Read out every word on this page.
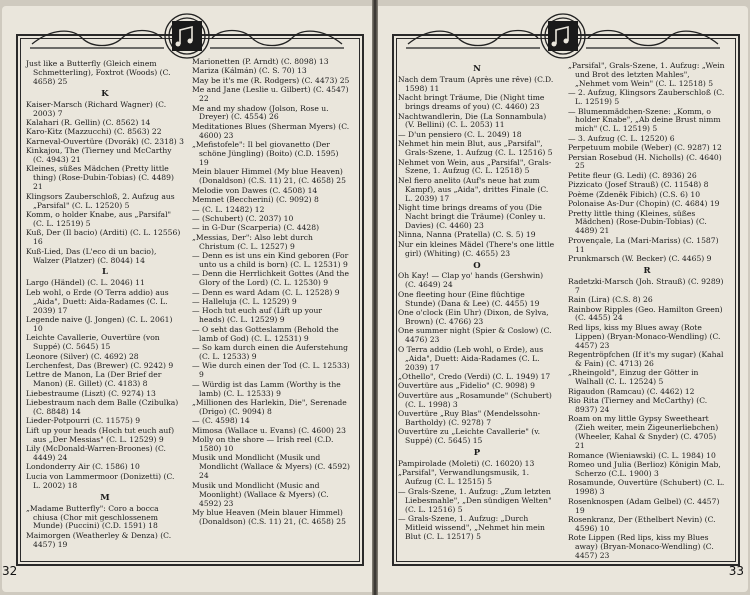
Just like a Butterfly (Gleich einem Schmetterling), Foxtrot (Woods) (C. 4658) 25
K
Kaiser-Marsch (Richard Wagner) (C. 2003) 7
Kalahari (R. Gellin) (C. 8562) 14
Karo-Kitz (Mazzucchi) (C. 8563) 22
Karneval-Ouvertüre (Dvorák) (C. 2318) 3
Kinkajou, The (Tierney und McCarthy (C. 4943) 21
Kleines, süßes Mädchen (Pretty little thing) (Rose-Dubin-Tobias) (C. 4489) 21
Klingsors Zauberschloß, 2. Aufzug aus „Parsifal" (C. L. 12520) 5
Komm, o holder Knabe, aus „Parsifal" (C. L. 12519) 5
Kuß, Der (Il bacio) (Arditi) (C. L. 12556) 16
Kuß-Lied, Das (L'eco di un bacio), Walzer (Platzer) (C. 8044) 14
L
Largo (Händel) (C. L. 2046) 11
Leb wohl, o Erde (O Terra addio) aus „Aida", Duett: Aida-Radames (C. L. 2039) 17
Legende naive (J. Jongen) (C. L. 2061) 10
Leichte Cavallerie, Ouvertüre (von Suppé) (C. 5645) 15
Leonore (Silver) (C. 4692) 28
Lerchenfest, Das (Brewer) (C. 9242) 9
Lettre de Manon, La (Der Brief der Manon) (E. Gillet) (C. 4183) 8
Liebestraume (Liszt) (C. 9274) 13
Liebestraum nach dem Balle (Czibulka) (C. 8848) 14
Lieder-Potpourri (C. 11575) 9
Lift up your heads (Hoch tut euch auf) aus „Der Messias" (C. L. 12529) 9
Lily (McDonald-Warren-Broones) (C. 4449) 24
Londonderry Air (C. 1586) 10
Lucia von Lammermoor (Donizetti) (C. L. 2002) 18
M
„Madame Butterfly": Coro a bocca chiusa (Chor mit geschlossenem Munde) (Puccini) (C.D. 1591) 18
Maimorgen (Weatherley & Denza) (C. 4457) 19
Marionetten (P. Arndt) (C. 8098) 13
Mariza (Kálmán) (C. S. 70) 13
May be it's me (R. Rodgers) (C. 4473) 25
Me and Jane (Leslie u. Gilbert) (C. 4547) 22
Me and my shadow (Jolson, Rose u. Dreyer) (C. 4554) 26
Meditationes Blues (Sherman Myers) (C. 4600) 23
„Mefistofele": Il bel giovanetto (Der schöne Jüngling) (Boito) (C.D. 1595) 19
Mein blauer Himmel (My blue Heaven) (Donaldson) (C.S. 11) 21, (C. 4658) 25
Melodie von Dawes (C. 4508) 14
Memnet (Beccherini) (C. 9092) 8
— (C. L. 12482) 12
— (Schubert) (C. 2037) 10
— in G-Dur (Scarperia) (C. 4428)
„Messias, Der": Also lebt durch Christum (C. L. 12527) 9
— Denn es ist uns ein Kind geboren (For unto us a child is born) (C. L. 12531) 9
— Denn die Herrlichkeit Gottes (And the Glory of the Lord) (C. L. 12530) 9
— Denn es ward Adam (C. L. 12528) 9
— Halleluja (C. L. 12529) 9
— Hoch tut euch auf (Lift up your heads) (C. L. 12529) 9
— O seht das Gotteslamm (Behold the lamb of God) (C. L. 12531) 9
— So kam durch einen die Auferstehung (C. L. 12533) 9
— Wie durch einen der Tod (C. L. 12533) 9
— Würdig ist das Lamm (Worthy is the lamb) (C. L. 12533) 9
„Millionen des Harlekin, Die", Serenade (Drigo) (C. 9094) 8
— (C. 4598) 14
Mimosa (Wallace u. Evans) (C. 4600) 23
Molly on the shore — Irish reel (C.D. 1580) 10
Musik und Mondlicht (Musik und Mondlicht (Wallace & Myers) (C. 4592) 24
Musik und Mondlicht (Music and Moonlight) (Wallace & Myers) (C. 4592) 23
My blue Heaven (Mein blauer Himmel) (Donaldson) (C.S. 11) 21, (C. 4658) 25
32
N
Nach dem Traum (Après une rêve) (C.D. 1598) 11
Nacht bringt Träume, Die (Night time brings dreams of you) (C. 4460) 23
Nachtwandlerin, Die (La Sonnambula) (V. Bellini) (C. L. 2053) 11
— D'un pensiero (C. L. 2049) 18
Nehmet hin mein Blut, aus „Parsifal", Grals-Szene, 1. Aufzug (C. L. 12516) 5
Nehmet von Wein, aus „Parsifal", Grals-Szene, 1. Aufzug (C. L. 12518) 5
Nel fiero anelito (Auf's neue hat zum Kampf), aus „Aida", drittes Finale (C. L. 2039) 17
Night time brings dreams of you (Die Nacht bringt die Träume) (Conley u. Davies) (C. 4460) 23
Ninna, Nanna (Pratella) (C. S. 5) 19
Nur ein kleines Mädel (There's one little girl) (Whiting) (C. 4655) 23
O
Oh Kay! — Clap yo' hands (Gershwin) (C. 4649) 24
One fleeting hour (Eine flüchtige Stunde) (Dana & Lee) (C. 4455) 19
One o'clock (Ein Uhr) (Dixon, de Sylva, Brown) (C. 4766) 23
One summer night (Spier & Coslow) (C. 4476) 23
O Terra addio (Leb wohl, o Erde), aus „Aida", Duett: Aida-Radames (C. L. 2039) 17
„Othello", Credo (Verdi) (C. L. 1949) 17
Ouvertüre aus „Fidelio" (C. 9098) 9
Ouvertüre aus „Rosamunde" (Schubert) (C. L. 1998) 3
Ouvertüre „Ruy Blas" (Mendelssohn-Bartholdy) (C. 9278) 7
Ouvertüre zu „Leichte Cavallerie" (v. Suppé) (C. 5645) 15
P
Pampirolade (Moleti) (C. 16020) 13
„Parsifal", Verwandlungsmusik, 1. Aufzug (C. L. 12515) 5
— Grals-Szene, 1. Aufzug: „Zum letzten Liebesmahle", „Den sündigen Welten" (C. L. 12516) 5
— Grals-Szene, 1. Aufzug: „Durch Mitleid wissend", „Nehmet hin mein Blut (C. L. 12517) 5
„Parsifal", Grals-Szene, 1. Aufzug: „Wein und Brot des letzten Mahles", „Nehmet vom Wein" (C. L. 12518) 5
— 2. Aufzug, Klingsors Zauberschloß (C. L. 12519) 5
— Blumenmädchen-Szene: „Komm, o holder Knabe", „Ab deine Brust nimm mich" (C. L. 12519) 5
— 3. Aufzug (C. L. 12520) 6
Perpetuum mobile (Weber) (C. 9287) 12
Persian Rosebud (H. Nicholls) (C. 4640) 25
Petite fleur (G. Ledi) (C. 8936) 26
Pizzicato (Josef Strauß) (C. 11548) 8
Poème (Zdeněk Fibich) (C.S. 6) 10
Polonaise As-Dur (Chopin) (C. 4684) 19
Pretty little thing (Kleines, süßes Mädchen) (Rose-Dubin-Tobias) (C. 4489) 21
Provençale, La (Mari-Mariss) (C. 1587) 11
Prunkmarsch (W. Becker) (C. 4465) 9
R
Radetzki-Marsch (Joh. Strauß) (C. 9289) 7
Rain (Lira) (C.S. 8) 26
Rainbow Ripples (Geo. Hamilton Green) (C. 4455) 24
Red lips, kiss my Blues away (Rote Lippen) (Bryan-Monaco-Wendling) (C. 4457) 23
Regentröpfchen (If it's my sugar) (Kahal & Fain) (C. 4713) 26
„Rheingold", Einzug der Götter in Walhall (C. L. 12524) 5
Rigaudon (Ramcau) (C. 4462) 12
Rio Rita (Tierney and McCarthy) (C. 8937) 24
Roam on my little Gypsy Sweetheart (Zieh weiter, mein Zigeunerliebchen) (Wheeler, Kahal & Snyder) (C. 4705) 21
Romance (Wieniawski) (C. L. 1984) 10
Romeo und Julia (Berlioz) Königin Mab, Scherzo (C.L. 1900) 3
Rosamunde, Ouvertüre (Schubert) (C. L. 1998) 3
Rosenknospen (Adam Gelbel) (C. 4457) 19
Rosenkranz, Der (Ethelbert Nevin) (C. 4596) 10
Rote Lippen (Red lips, kiss my Blues away) (Bryan-Monaco-Wendling) (C. 4457) 23
33
